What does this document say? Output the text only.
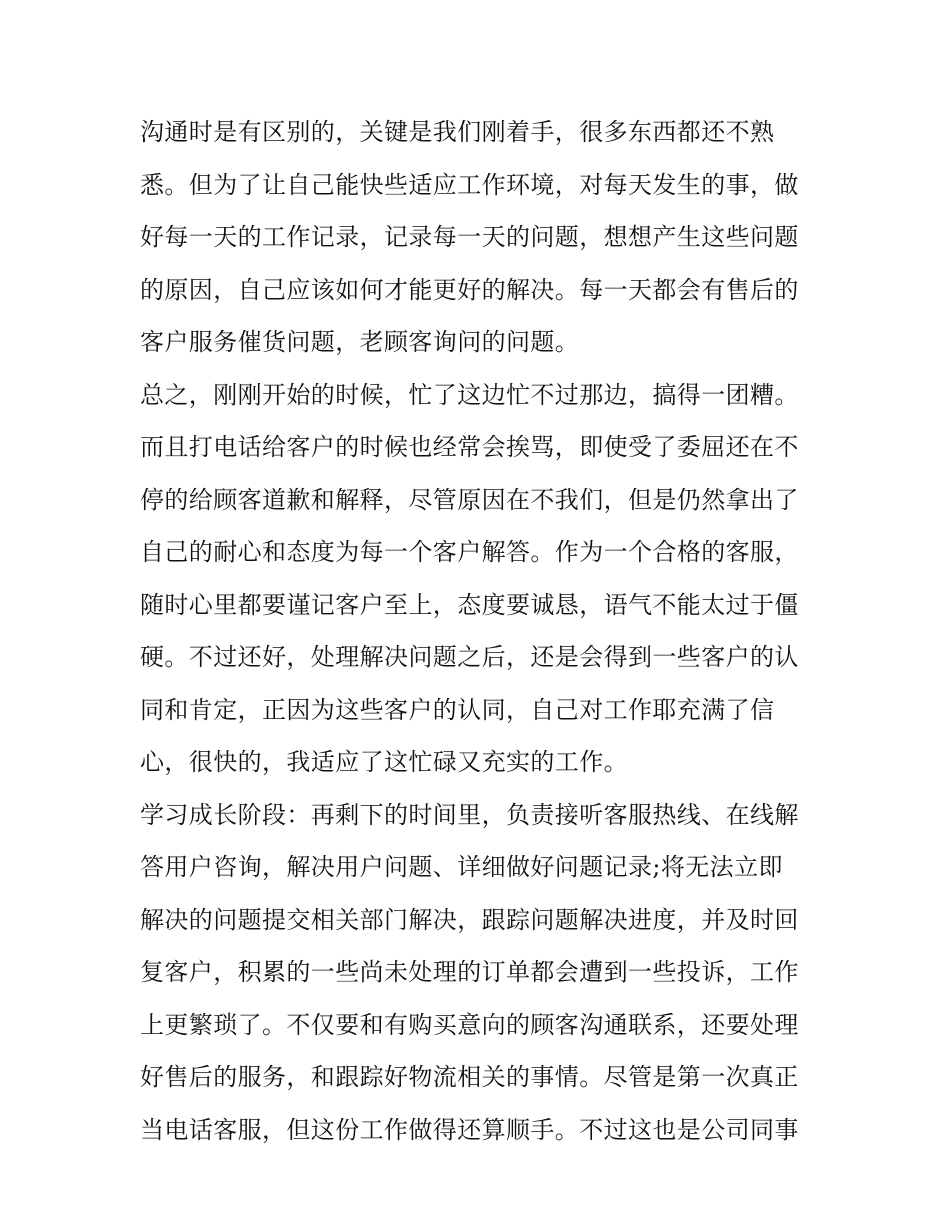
沟通时是有区别的，关键是我们刚着手，很多东西都还不熟
悉。但为了让自己能快些适应工作环境，对每天发生的事，做
好每一天的工作记录，记录每一天的问题，想想产生这些问题
的原因，自己应该如何才能更好的解决。每一天都会有售后的
客户服务催货问题，老顾客询问的问题。
总之，刚刚开始的时候，忙了这边忙不过那边，搞得一团糟。
而且打电话给客户的时候也经常会挨骂，即使受了委屈还在不
停的给顾客道歉和解释，尽管原因在不我们，但是仍然拿出了
自己的耐心和态度为每一个客户解答。作为一个合格的客服，
随时心里都要谨记客户至上，态度要诚恳，语气不能太过于僵
硬。不过还好，处理解决问题之后，还是会得到一些客户的认
同和肯定，正因为这些客户的认同，自己对工作耶充满了信
心，很快的，我适应了这忙碌又充实的工作。
学习成长阶段：再剩下的时间里，负责接听客服热线、在线解
答用户咨询，解决用户问题、详细做好问题记录;将无法立即
解决的问题提交相关部门解决，跟踪问题解决进度，并及时回
复客户，积累的一些尚未处理的订单都会遭到一些投诉，工作
上更繁琐了。不仅要和有购买意向的顾客沟通联系，还要处理
好售后的服务，和跟踪好物流相关的事情。尽管是第一次真正
当电话客服，但这份工作做得还算顺手。不过这也是公司同事
